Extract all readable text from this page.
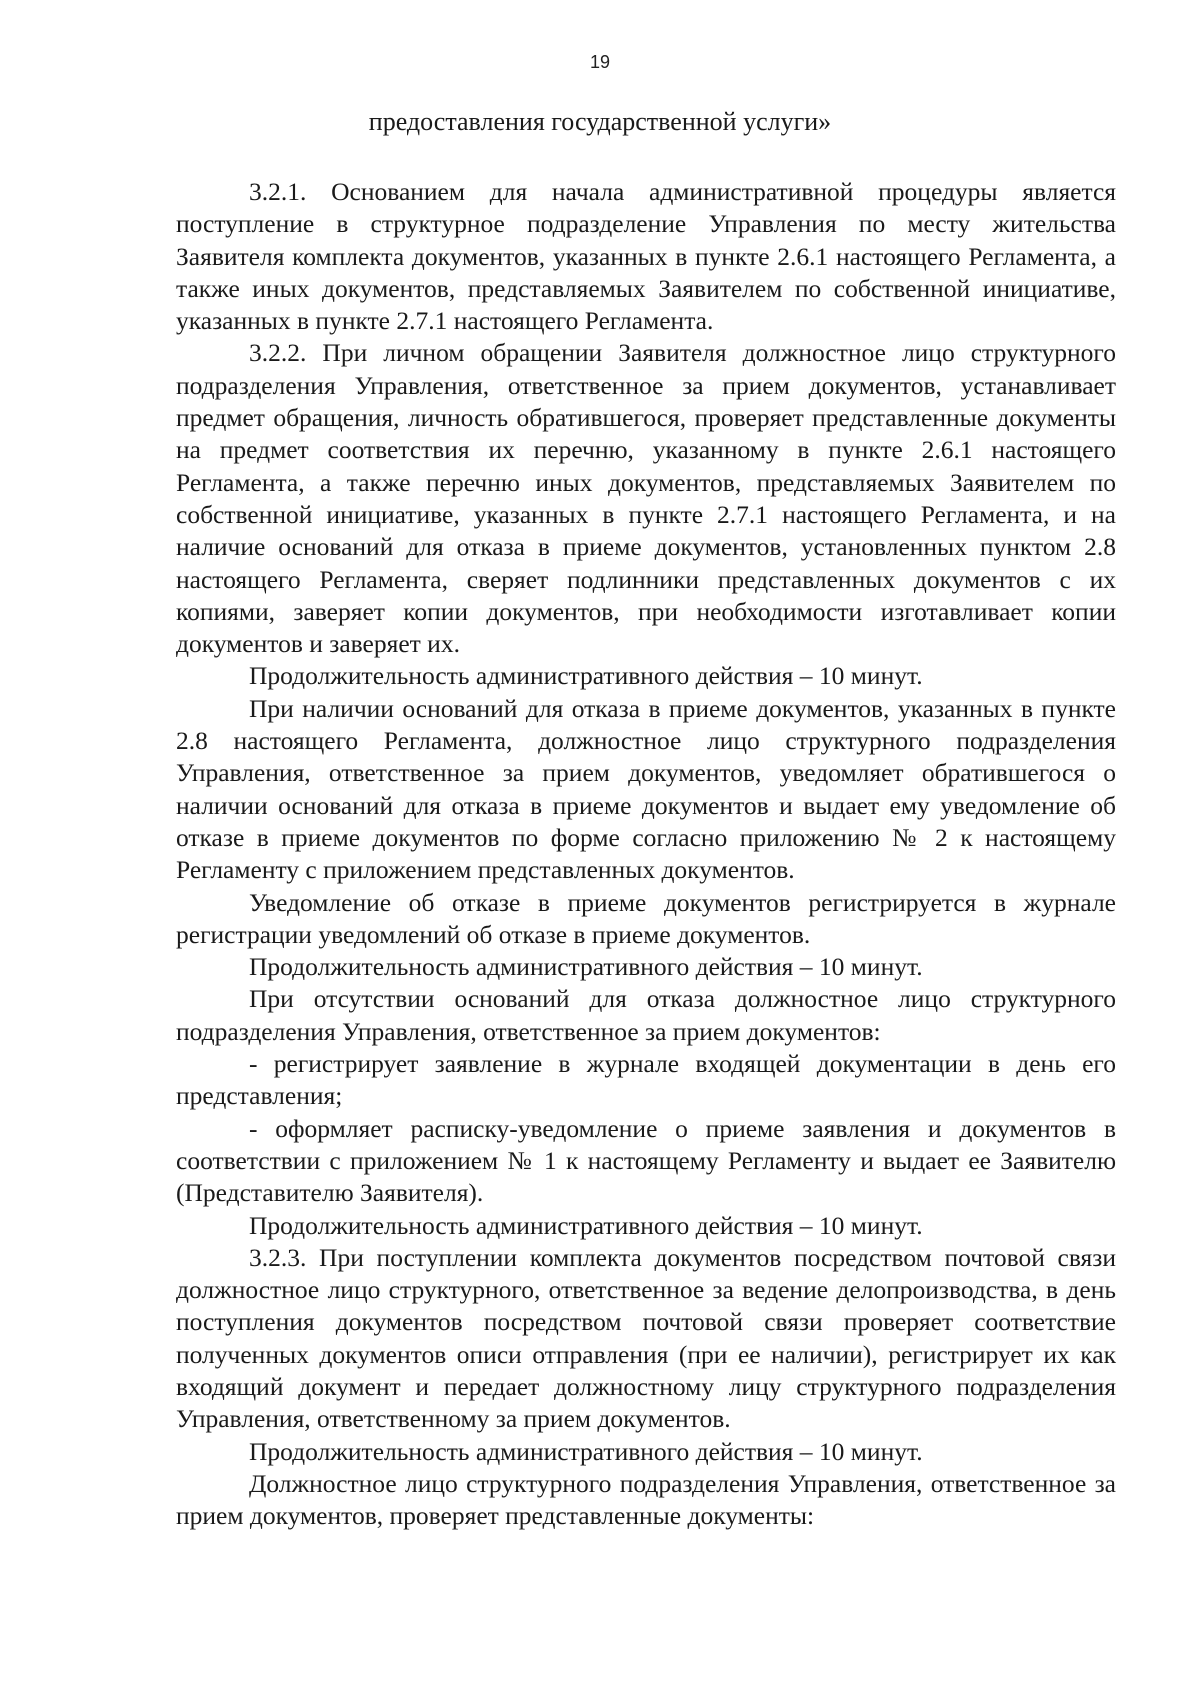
19
предоставления государственной услуги»

3.2.1. Основанием для начала административной процедуры является поступление в структурное подразделение Управления по месту жительства Заявителя комплекта документов, указанных в пункте 2.6.1 настоящего Регламента, а также иных документов, представляемых Заявителем по собственной инициативе, указанных в пункте 2.7.1 настоящего Регламента.

3.2.2. При личном обращении Заявителя должностное лицо структурного подразделения Управления, ответственное за прием документов, устанавливает предмет обращения, личность обратившегося, проверяет представленные документы на предмет соответствия их перечню, указанному в пункте 2.6.1 настоящего Регламента, а также перечню иных документов, представляемых Заявителем по собственной инициативе, указанных в пункте 2.7.1 настоящего Регламента, и на наличие оснований для отказа в приеме документов, установленных пунктом 2.8 настоящего Регламента, сверяет подлинники представленных документов с их копиями, заверяет копии документов, при необходимости изготавливает копии документов и заверяет их.

Продолжительность административного действия – 10 минут.

При наличии оснований для отказа в приеме документов, указанных в пункте 2.8 настоящего Регламента, должностное лицо структурного подразделения Управления, ответственное за прием документов, уведомляет обратившегося о наличии оснований для отказа в приеме документов и выдает ему уведомление об отказе в приеме документов по форме согласно приложению № 2 к настоящему Регламенту с приложением представленных документов.

Уведомление об отказе в приеме документов регистрируется в журнале регистрации уведомлений об отказе в приеме документов.

Продолжительность административного действия – 10 минут.

При отсутствии оснований для отказа должностное лицо структурного подразделения Управления, ответственное за прием документов:

- регистрирует заявление в журнале входящей документации в день его представления;

- оформляет расписку-уведомление о приеме заявления и документов в соответствии с приложением № 1 к настоящему Регламенту и выдает ее Заявителю (Представителю Заявителя).

Продолжительность административного действия – 10 минут.

3.2.3. При поступлении комплекта документов посредством почтовой связи должностное лицо структурного, ответственное за ведение делопроизводства, в день поступления документов посредством почтовой связи проверяет соответствие полученных документов описи отправления (при ее наличии), регистрирует их как входящий документ и передает должностному лицу структурного подразделения Управления, ответственному за прием документов.

Продолжительность административного действия – 10 минут.

Должностное лицо структурного подразделения Управления, ответственное за прием документов, проверяет представленные документы:
